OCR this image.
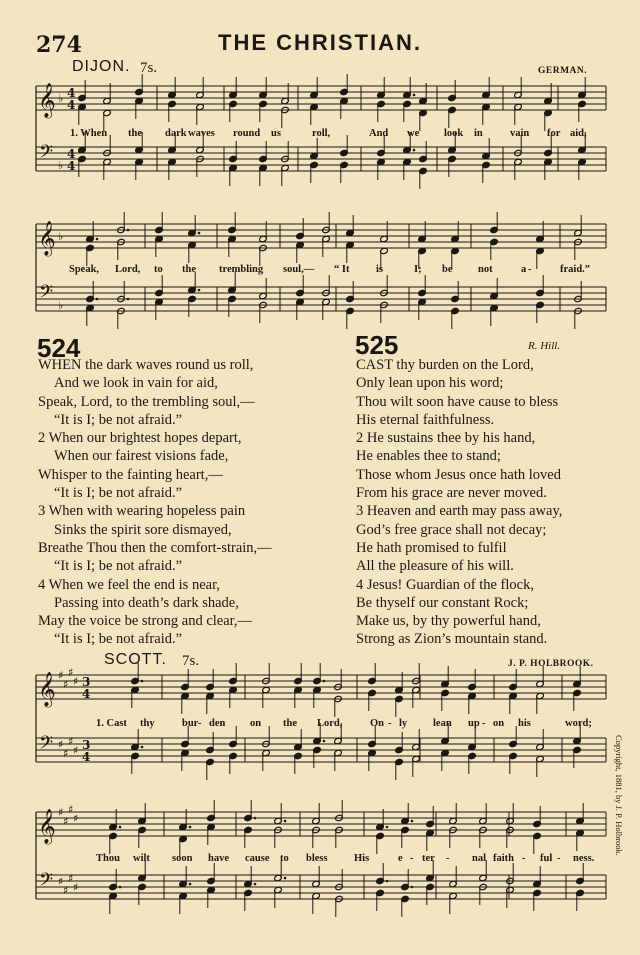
274	THE CHRISTIAN.
DIJON. 7s.	GERMAN.
𝄞
𝄢
♭
♭
4
4
4
4
𝄞
𝄢
♭
♭
𝄞
𝄢
♯
♯
♯
♯
♯
♯
♯
♯
3
4
3
4
𝄞
𝄢
♯
♯
♯
♯
♯
♯
♯
♯
524
WHEN the dark waves round us roll,
And we look in vain for aid,
Speak, Lord, to the trembling soul,—
“It is I; be not afraid.”
2 When our brightest hopes depart,
When our fairest visions fade,
Whisper to the fainting heart,—
“It is I; be not afraid.”
3 When with wearing hopeless pain
Sinks the spirit sore dismayed,
Breathe Thou then the comfort-strain,—
“It is I; be not afraid.”
4 When we feel the end is near,
Passing into death’s dark shade,
May the voice be strong and clear,—
“It is I; be not afraid.”
525	R. Hill.
CAST thy burden on the Lord,
Only lean upon his word;
Thou wilt soon have cause to bless
His eternal faithfulness.
2 He sustains thee by his hand,
He enables thee to stand;
Those whom Jesus once hath loved
From his grace are never moved.
3 Heaven and earth may pass away,
God’s free grace shall not decay;
He hath promised to fulfil
All the pleasure of his will.
4 Jesus! Guardian of the flock,
Be thyself our constant Rock;
Make us, by thy powerful hand,
Strong as Zion’s mountain stand.
SCOTT. 7s.	J. P. HOLBROOK.
Copyright, 1881, by J. P. Holbrook.
1. When the dark waves round us	roll,	And we look in	vain for aid,
Speak, Lord, to the trembling soul,— “ It	is	I; be not	a -	fraid.”
1. Cast thy	bur - den on the Lord,	On - ly lean up - on his	word;
Thou wilt soon have cause to bless	His	e - ter - nal faith - ful - ness.
